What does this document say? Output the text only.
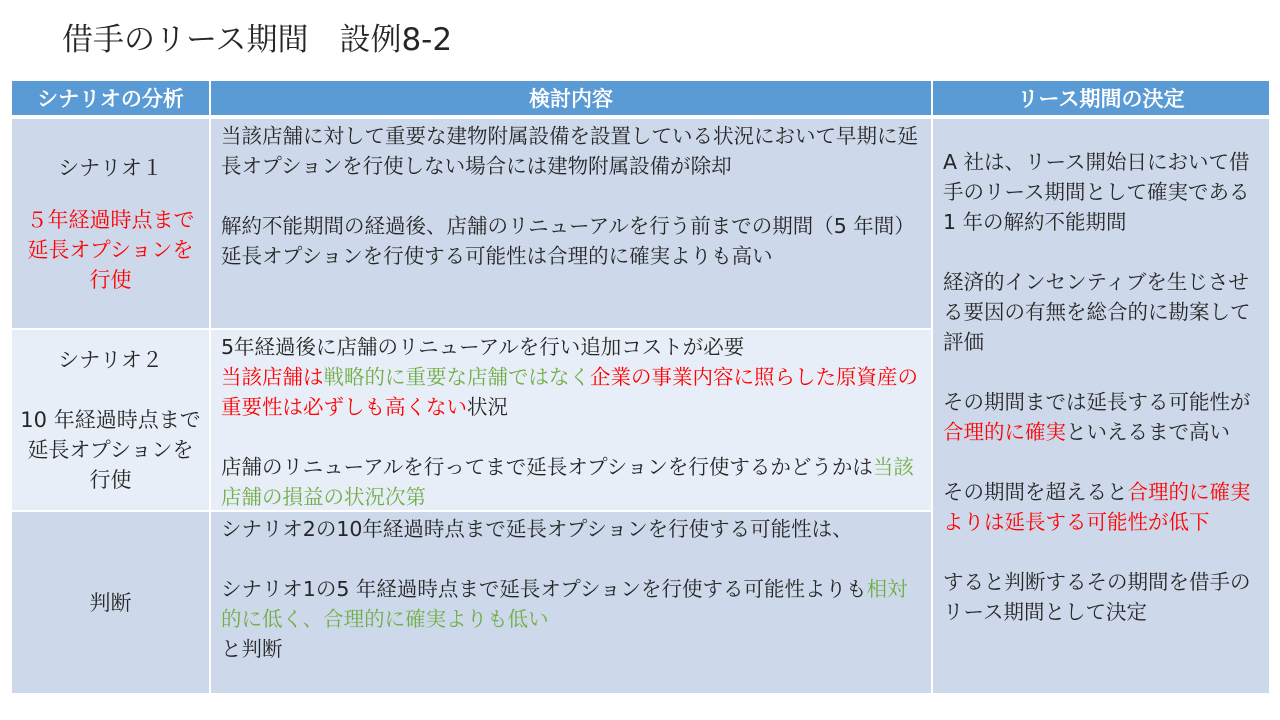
借手のリース期間　設例8-2
シナリオの分析	検討内容	リース期間の決定
シナリオ１
５年経過時点まで延長オプションを行使

当該店舗に対して重要な建物附属設備を設置している状況において早期に延長オプションを行使しない場合には建物附属設備が除却

解約不能期間の経過後、店舗のリニューアルを行う前までの期間（5 年間）

延長オプションを行使する可能性は合理的に確実よりも高い

A 社は、リース開始日において借手のリース期間として確実である1 年の解約不能期間

経済的インセンティブを生じさせる要因の有無を総合的に勘案して評価

その期間までは延長する可能性が合理的に確実といえるまで高い

その期間を超えると合理的に確実よりは延長する可能性が低下

すると判断するその期間を借手のリース期間として決定

シナリオ２
10 年経過時点まで延長オプションを行使

5年経過後に店舗のリニューアルを行い追加コストが必要

当該店舗は戦略的に重要な店舗ではなく企業の事業内容に照らした原資産の重要性は必ずしも高くない状況

店舗のリニューアルを行ってまで延長オプションを行使するかどうかは当該店舗の損益の状況次第

判断

シナリオ2の10年経過時点まで延長オプションを行使する可能性は、

シナリオ1の5 年経過時点まで延長オプションを行使する可能性よりも相対的に低く、合理的に確実よりも低い

と判断
